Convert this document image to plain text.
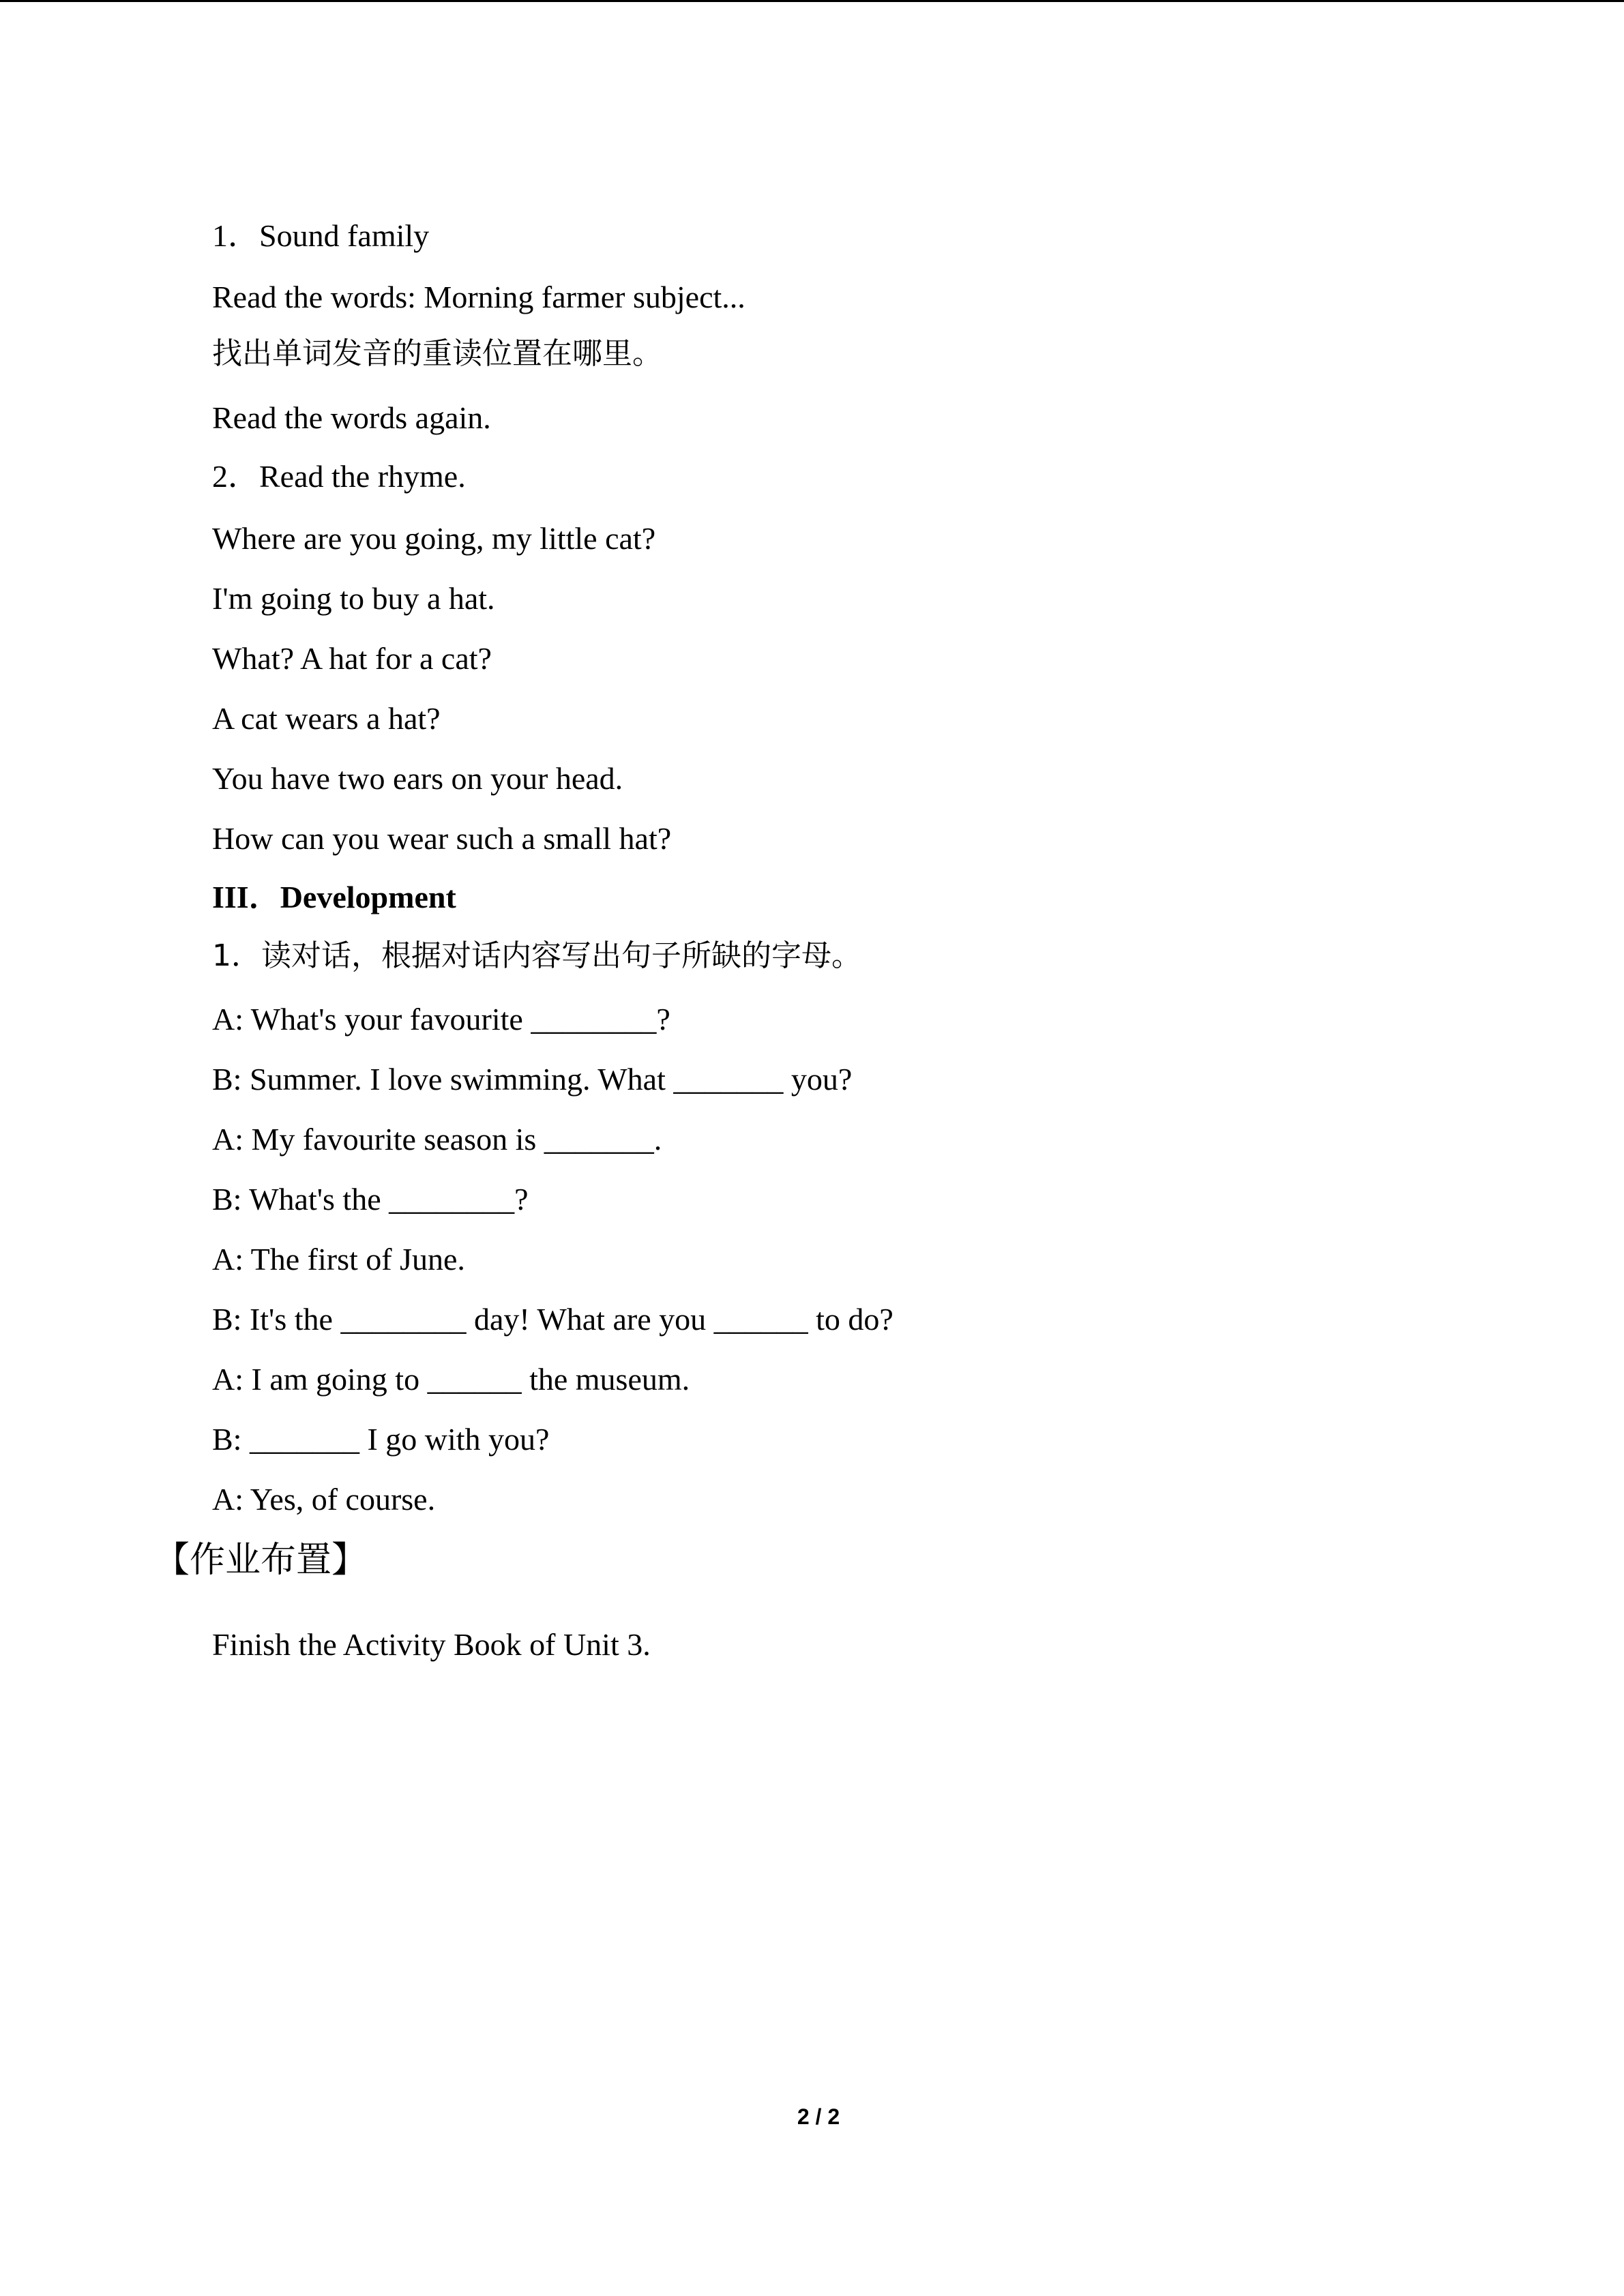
1．Sound family
Read the words: Morning farmer subject...
找出单词发音的重读位置在哪里。
Read the words again.
2．Read the rhyme.
Where are you going, my little cat?
I'm going to buy a hat.
What? A hat for a cat?
A cat wears a hat?
You have two ears on your head.
How can you wear such a small hat?
III．Development
1．读对话，根据对话内容写出句子所缺的字母。
A: What's your favourite ________?
B: Summer. I love swimming. What _______ you?
A: My favourite season is _______.
B: What's the ________?
A: The first of June.
B: It's the ________ day! What are you ______ to do?
A: I am going to ______ the museum.
B: _______ I go with you?
A: Yes, of course.
【作业布置】
Finish the Activity Book of Unit 3.
2 / 2
